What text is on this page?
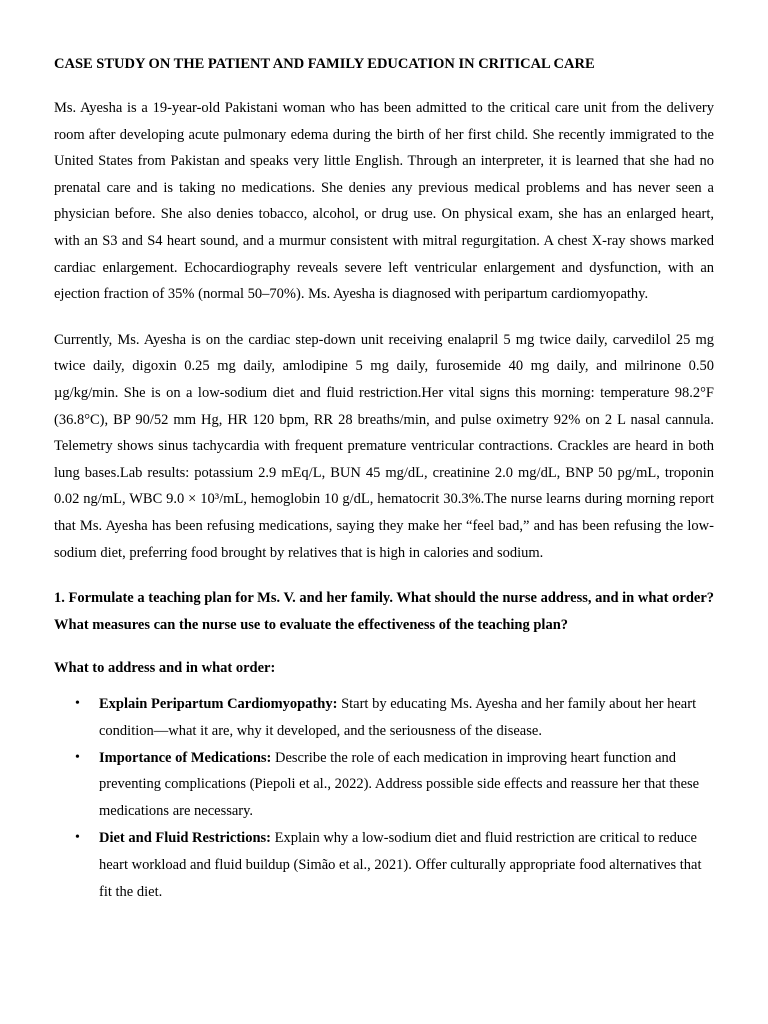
CASE STUDY ON THE PATIENT AND FAMILY EDUCATION IN CRITICAL CARE

Ms. Ayesha is a 19-year-old Pakistani woman who has been admitted to the critical care unit from the delivery room after developing acute pulmonary edema during the birth of her first child. She recently immigrated to the United States from Pakistan and speaks very little English. Through an interpreter, it is learned that she had no prenatal care and is taking no medications. She denies any previous medical problems and has never seen a physician before. She also denies tobacco, alcohol, or drug use. On physical exam, she has an enlarged heart, with an S3 and S4 heart sound, and a murmur consistent with mitral regurgitation. A chest X-ray shows marked cardiac enlargement. Echocardiography reveals severe left ventricular enlargement and dysfunction, with an ejection fraction of 35% (normal 50–70%). Ms. Ayesha is diagnosed with peripartum cardiomyopathy.

Currently, Ms. Ayesha is on the cardiac step-down unit receiving enalapril 5 mg twice daily, carvedilol 25 mg twice daily, digoxin 0.25 mg daily, amlodipine 5 mg daily, furosemide 40 mg daily, and milrinone 0.50 µg/kg/min. She is on a low-sodium diet and fluid restriction.Her vital signs this morning: temperature 98.2°F (36.8°C), BP 90/52 mm Hg, HR 120 bpm, RR 28 breaths/min, and pulse oximetry 92% on 2 L nasal cannula. Telemetry shows sinus tachycardia with frequent premature ventricular contractions. Crackles are heard in both lung bases.Lab results: potassium 2.9 mEq/L, BUN 45 mg/dL, creatinine 2.0 mg/dL, BNP 50 pg/mL, troponin 0.02 ng/mL, WBC 9.0 × 10³/mL, hemoglobin 10 g/dL, hematocrit 30.3%.The nurse learns during morning report that Ms. Ayesha has been refusing medications, saying they make her “feel bad,” and has been refusing the low-sodium diet, preferring food brought by relatives that is high in calories and sodium.

1. Formulate a teaching plan for Ms. V. and her family. What should the nurse address, and in what order? What measures can the nurse use to evaluate the effectiveness of the teaching plan?

What to address and in what order:
• Explain Peripartum Cardiomyopathy: Start by educating Ms. Ayesha and her family about her heart condition—what it are, why it developed, and the seriousness of the disease.
• Importance of Medications: Describe the role of each medication in improving heart function and preventing complications (Piepoli et al., 2022). Address possible side effects and reassure her that these medications are necessary.
• Diet and Fluid Restrictions: Explain why a low-sodium diet and fluid restriction are critical to reduce heart workload and fluid buildup (Simão et al., 2021). Offer culturally appropriate food alternatives that fit the diet.
